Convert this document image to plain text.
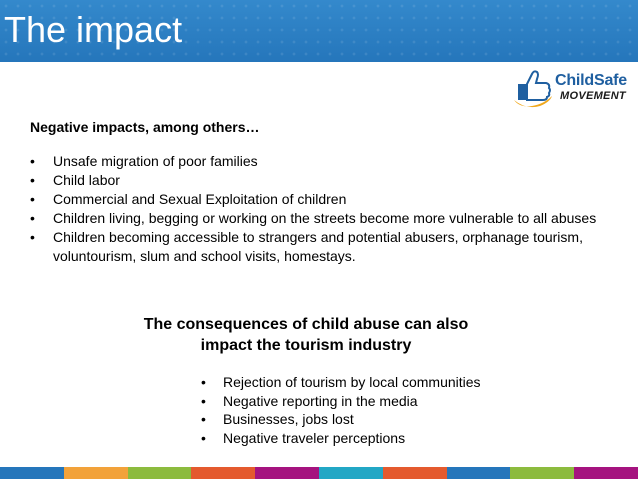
The impact
ChildSafe
MOVEMENT

Negative impacts, among others…

• Unsafe migration of poor families
• Child labor
• Commercial and Sexual Exploitation of children
• Children living, begging or working on the streets become more vulnerable to all abuses
• Children becoming accessible to strangers and potential abusers, orphanage tourism, voluntourism, slum and school visits, homestays.

The consequences of child abuse can also
impact the tourism industry

• Rejection of tourism by local communities
• Negative reporting in the media
• Businesses, jobs lost
• Negative traveler perceptions
